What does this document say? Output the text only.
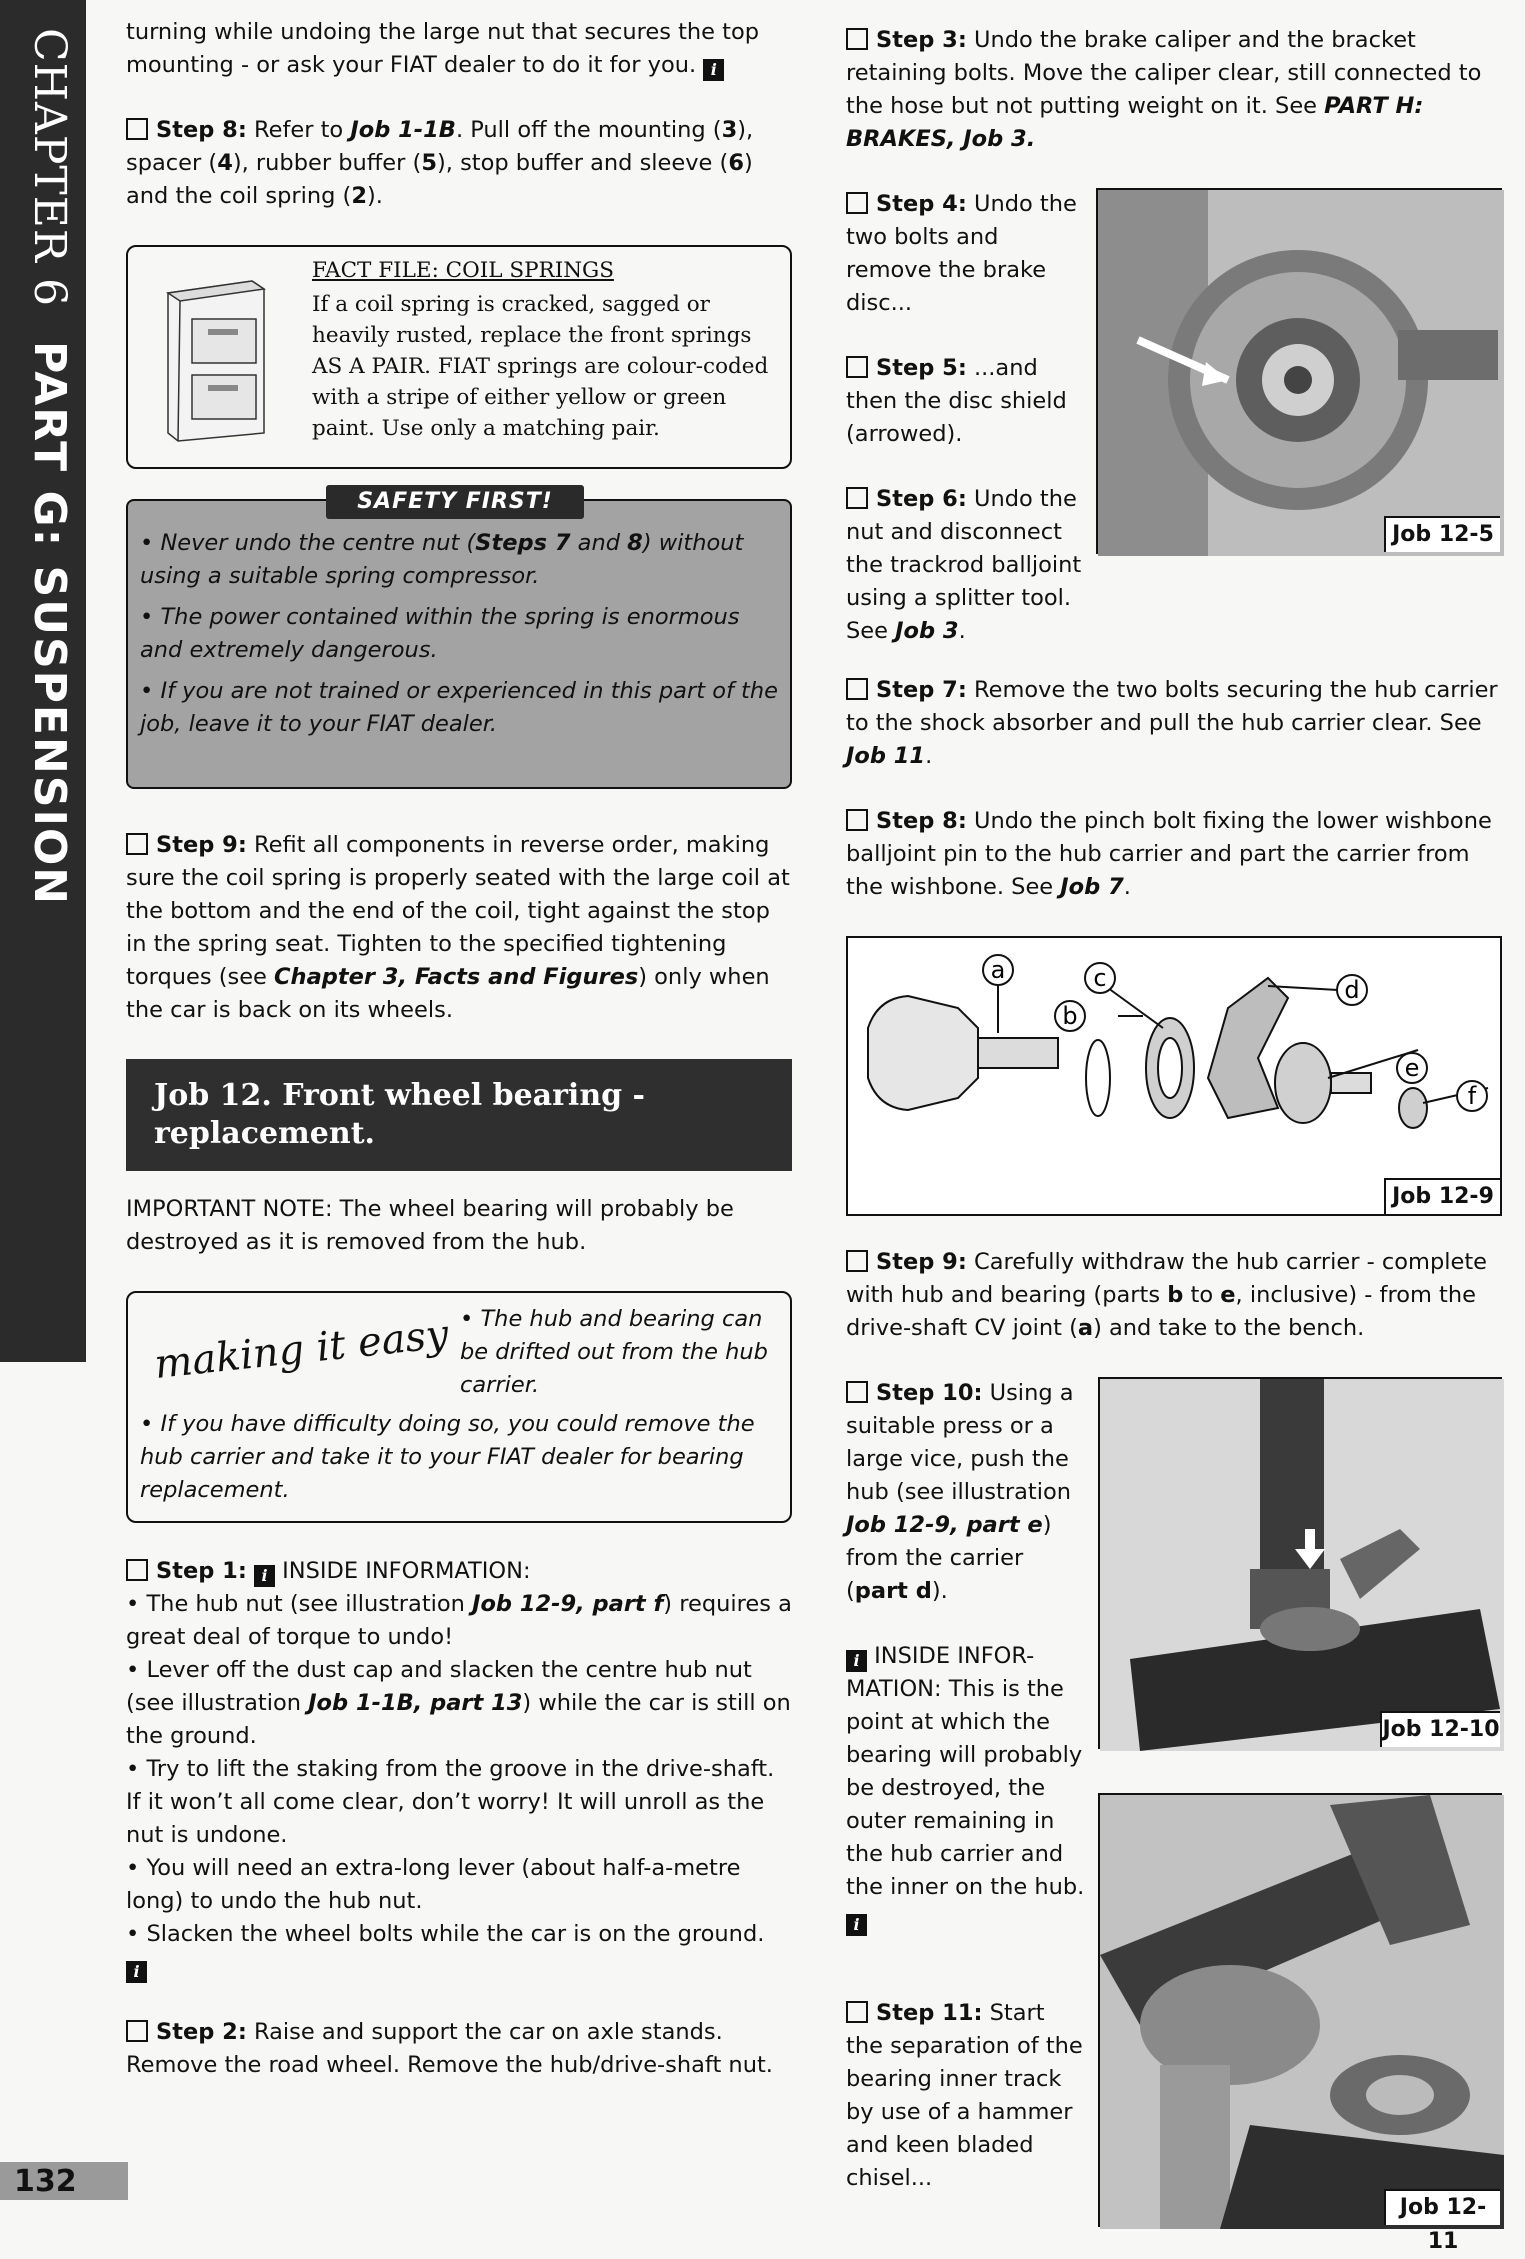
CHAPTER 6
PART G: SUSPENSION
132

turning while undoing the large nut that secures the top mounting - or ask your FIAT dealer to do it for you. i

Step 8: Refer to Job 1-1B. Pull off the mounting (3), spacer (4), rubber buffer (5), stop buffer and sleeve (6) and the coil spring (2).

FACT FILE: COIL SPRINGS
If a coil spring is cracked, sagged or heavily rusted, replace the front springs AS A PAIR. FIAT springs are colour-coded with a stripe of either yellow or green paint. Use only a matching pair.
SAFETY FIRST!
• Never undo the centre nut (Steps 7 and 8) without using a suitable spring compressor.
• The power contained within the spring is enormous and extremely dangerous.
• If you are not trained or experienced in this part of the job, leave it to your FIAT dealer.

Step 9: Refit all components in reverse order, making sure the coil spring is properly seated with the large coil at the bottom and the end of the coil, tight against the stop in the spring seat. Tighten to the specified tightening torques (see Chapter 3, Facts and Figures) only when the car is back on its wheels.

Job 12. Front wheel bearing -
replacement.

IMPORTANT NOTE: The wheel bearing will probably be destroyed as it is removed from the hub.

making it easy • The hub and bearing can be drifted out from the hub carrier.
• If you have difficulty doing so, you could remove the hub carrier and take it to your FIAT dealer for bearing replacement.
Step 1: i INSIDE INFORMATION:
• The hub nut (see illustration Job 12-9, part f) requires a great deal of torque to undo!
• Lever off the dust cap and slacken the centre hub nut (see illustration Job 1-1B, part 13) while the car is still on the ground.
• Try to lift the staking from the groove in the drive-shaft. If it won’t all come clear, don’t worry! It will unroll as the nut is undone.
• You will need an extra-long lever (about half-a-metre long) to undo the hub nut.
• Slacken the wheel bolts while the car is on the ground. i

Step 2: Raise and support the car on axle stands. Remove the road wheel. Remove the hub/drive-shaft nut.

Step 3: Undo the brake caliper and the bracket retaining bolts. Move the caliper clear, still connected to the hose but not putting weight on it. See PART H: BRAKES, Job 3.

Step 4: Undo the two bolts and remove the brake disc...

Step 5: ...and then the disc shield (arrowed).

Step 6: Undo the nut and disconnect the trackrod balljoint using a splitter tool. See Job 3.

Job 12-5

Step 7: Remove the two bolts securing the hub carrier to the shock absorber and pull the hub carrier clear. See Job 11.

Step 8: Undo the pinch bolt fixing the lower wishbone balljoint pin to the hub carrier and part the carrier from the wishbone. See Job 7.

a
b
c	d
e
f
Job 12-9

Step 9: Carefully withdraw the hub carrier - complete with hub and bearing (parts b to e, inclusive) - from the drive-shaft CV joint (a) and take to the bench.

Step 10: Using a suitable press or a large vice, push the hub (see illustration Job 12-9, part e) from the carrier (part d).

i INSIDE INFOR-MATION: This is the point at which the bearing will probably be destroyed, the outer remaining in the hub carrier and the inner on the hub. i

Step 11: Start the separation of the bearing inner track by use of a hammer and keen bladed chisel...

Job 12-10
Job 12-11
